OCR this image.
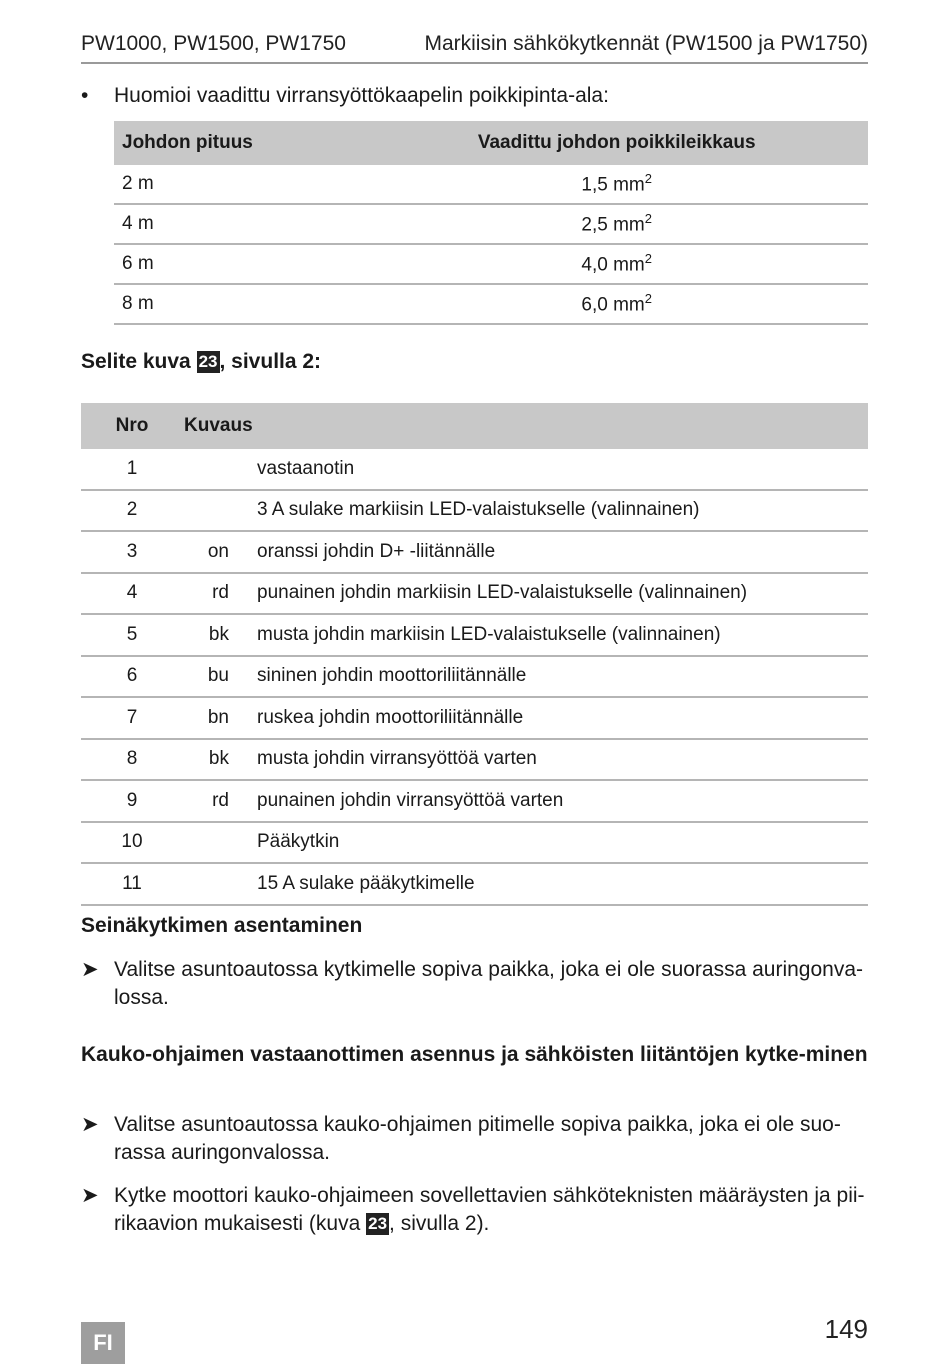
PW1000, PW1500, PW1750	Markiisin sähkökytkennät (PW1500 ja PW1750)
• Huomioi vaadittu virransyöttökaapelin poikkipinta-ala:
Johdon pituus	Vaadittu johdon poikkileikkaus
2 m	1,5 $mm^2$
4 m	2,5 $mm^2$
6 m	4,0 $mm^2$
8 m	6,0 $mm^2$
Selite kuva 23, sivulla 2:
Nro	Kuvaus	
1		vastaanotin
2		3 A sulake markiisin LED-valaistukselle (valinnainen)
3	on	oranssi johdin D+ -liitännälle
4	rd	punainen johdin markiisin LED-valaistukselle (valinnainen)
5	bk	musta johdin markiisin LED-valaistukselle (valinnainen)
6	bu	sininen johdin moottoriliitännälle
7	bn	ruskea johdin moottoriliitännälle
8	bk	musta johdin virransyöttöä varten
9	rd	punainen johdin virransyöttöä varten
10		Pääkytkin
11		15 A sulake pääkytkimelle
Seinäkytkimen asentaminen
➤ Valitse asuntoautossa kytkimelle sopiva paikka, joka ei ole suorassa auringonva-lossa.
Kauko-ohjaimen vastaanottimen asennus ja sähköisten liitäntöjen kytke-minen
➤ Valitse asuntoautossa kauko-ohjaimen pitimelle sopiva paikka, joka ei ole suo-rassa auringonvalossa.
➤ Kytke moottori kauko-ohjaimeen sovellettavien sähköteknisten määräysten ja pii-rikaavion mukaisesti (kuva 23, sivulla 2).
FI	149
